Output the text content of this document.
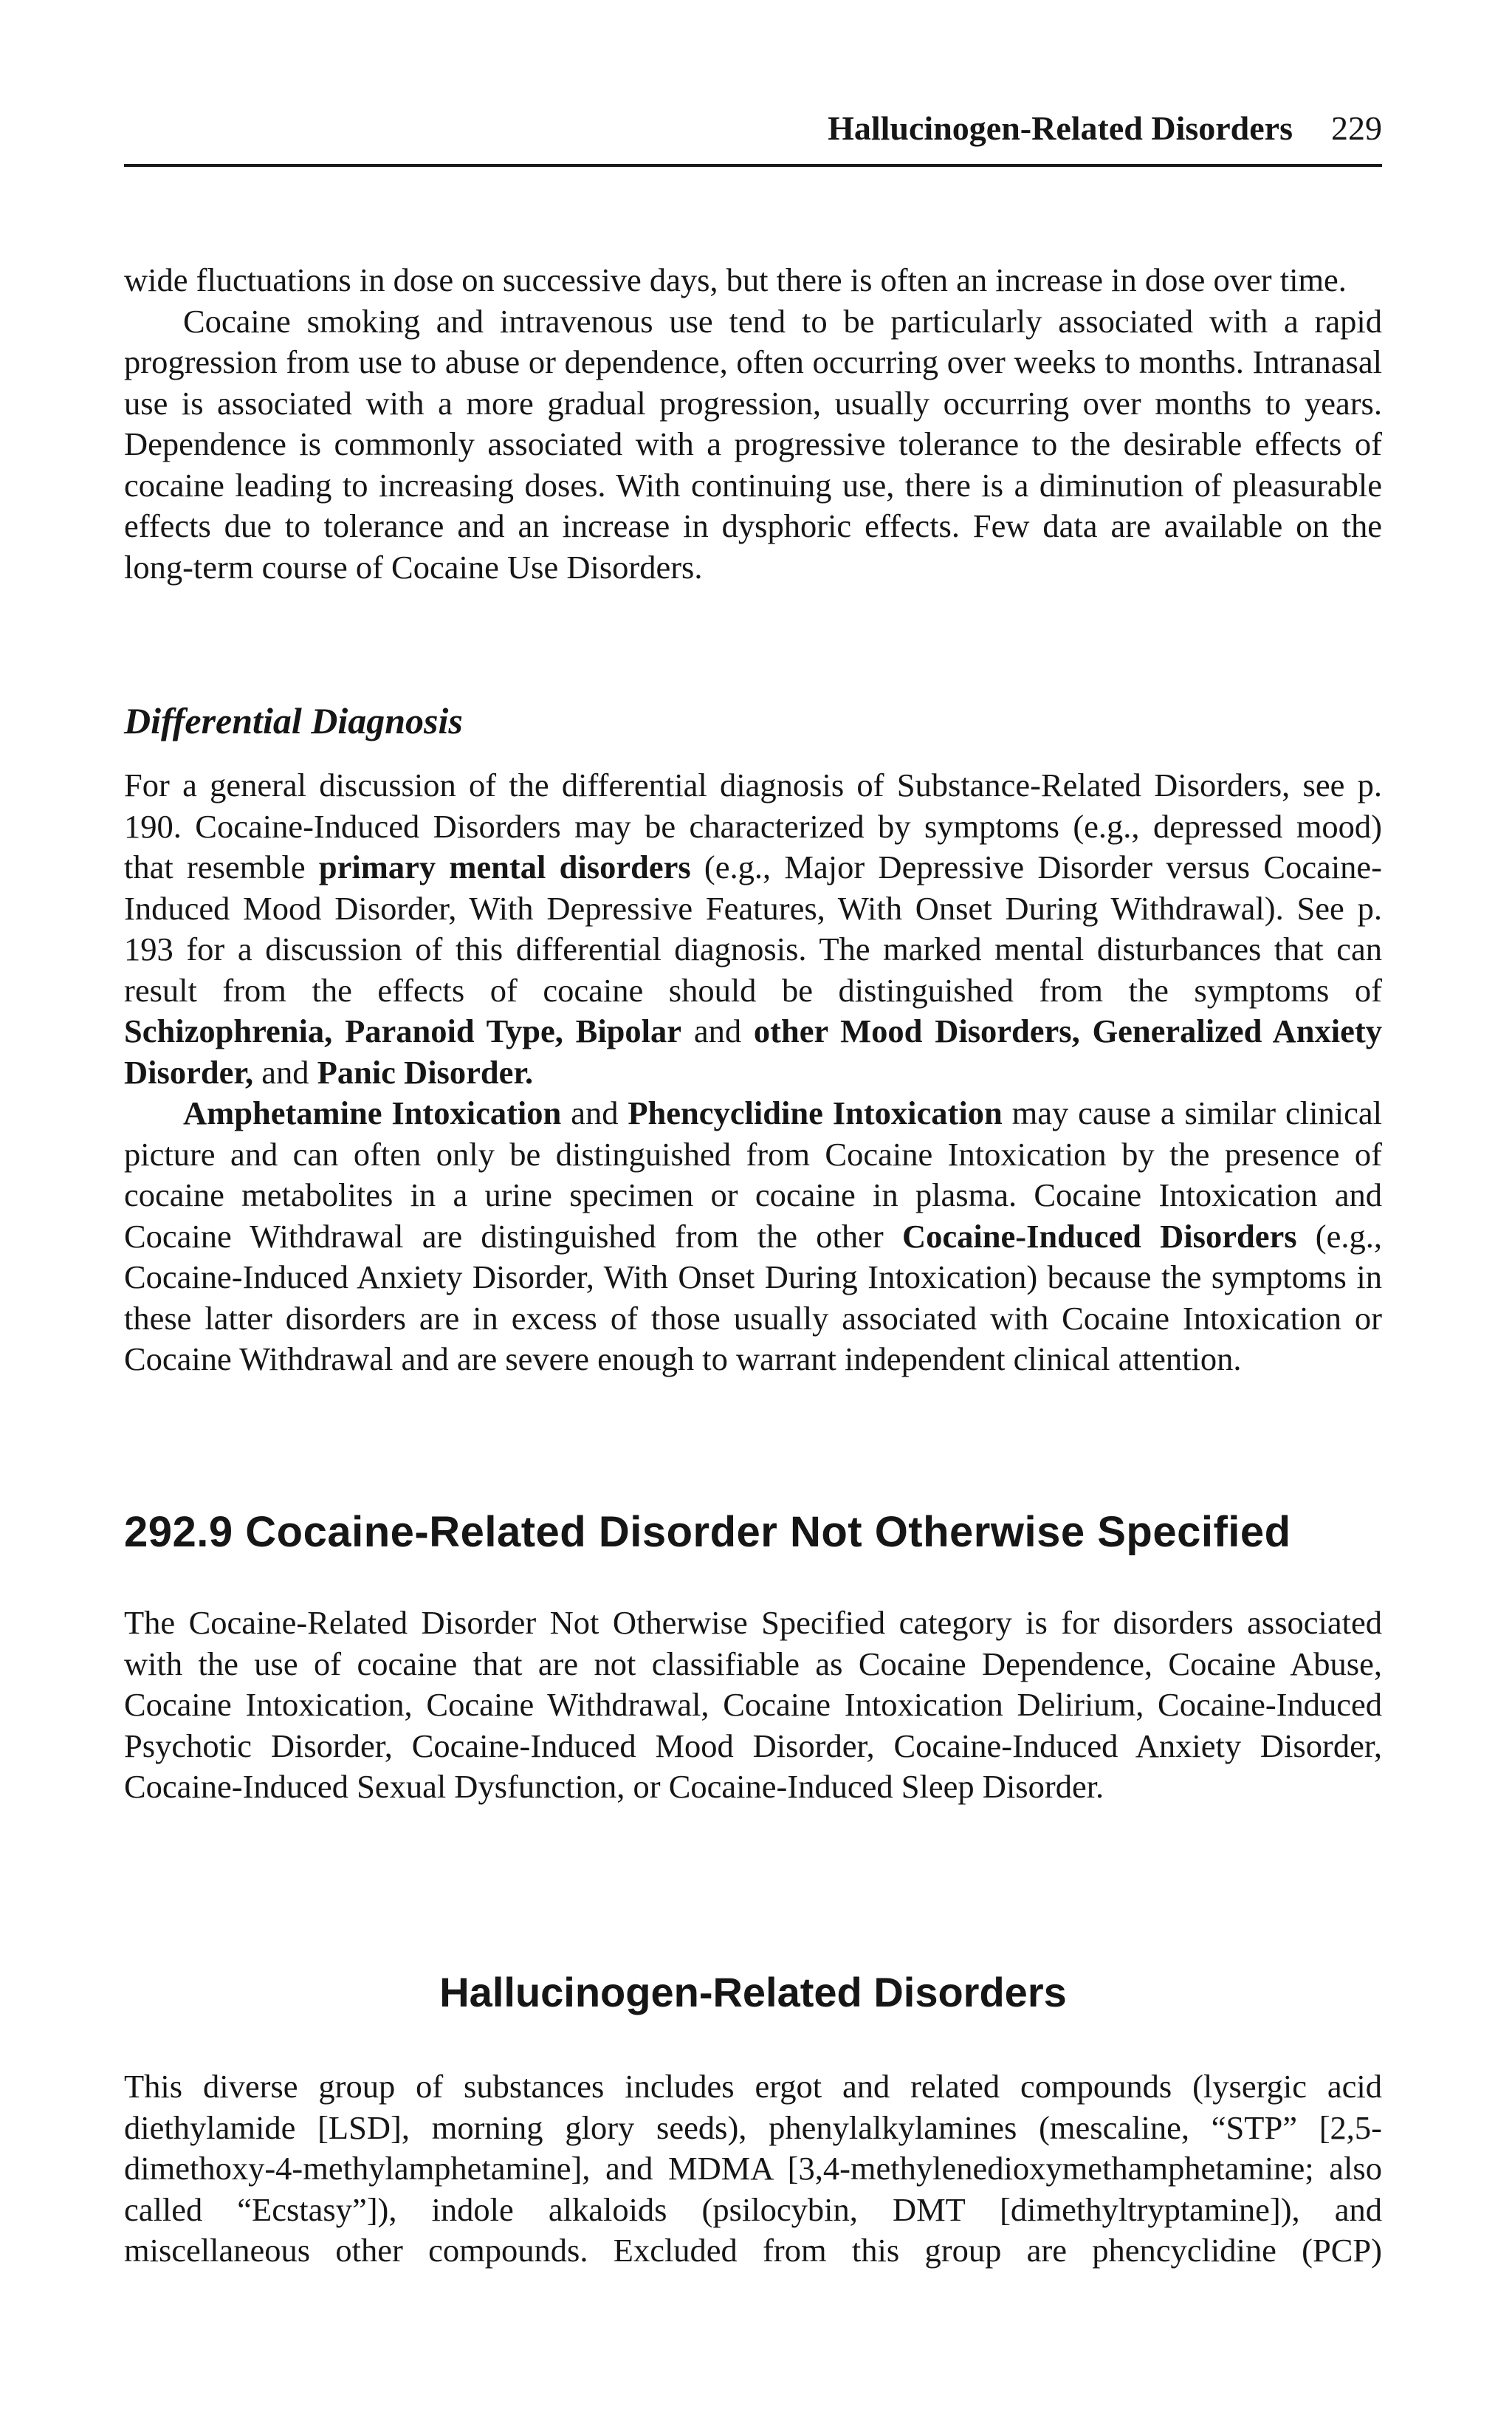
Hallucinogen-Related Disorders 229

wide fluctuations in dose on successive days, but there is often an increase in dose over time.

Cocaine smoking and intravenous use tend to be particularly associated with a rapid progression from use to abuse or dependence, often occurring over weeks to months. Intranasal use is associated with a more gradual progression, usually occurring over months to years. Dependence is commonly associated with a progressive tolerance to the desirable effects of cocaine leading to increasing doses. With continuing use, there is a diminution of pleasurable effects due to tolerance and an increase in dysphoric effects. Few data are available on the long-term course of Cocaine Use Disorders.

Differential Diagnosis

For a general discussion of the differential diagnosis of Substance-Related Disorders, see p. 190. Cocaine-Induced Disorders may be characterized by symptoms (e.g., depressed mood) that resemble primary mental disorders (e.g., Major Depressive Disorder versus Cocaine-Induced Mood Disorder, With Depressive Features, With Onset During Withdrawal). See p. 193 for a discussion of this differential diagnosis. The marked mental disturbances that can result from the effects of cocaine should be distinguished from the symptoms of Schizophrenia, Paranoid Type, Bipolar and other Mood Disorders, Generalized Anxiety Disorder, and Panic Disorder.

Amphetamine Intoxication and Phencyclidine Intoxication may cause a similar clinical picture and can often only be distinguished from Cocaine Intoxication by the presence of cocaine metabolites in a urine specimen or cocaine in plasma. Cocaine Intoxication and Cocaine Withdrawal are distinguished from the other Cocaine-Induced Disorders (e.g., Cocaine-Induced Anxiety Disorder, With Onset During Intoxication) because the symptoms in these latter disorders are in excess of those usually associated with Cocaine Intoxication or Cocaine Withdrawal and are severe enough to warrant independent clinical attention.

292.9 Cocaine-Related Disorder Not Otherwise Specified

The Cocaine-Related Disorder Not Otherwise Specified category is for disorders associated with the use of cocaine that are not classifiable as Cocaine Dependence, Cocaine Abuse, Cocaine Intoxication, Cocaine Withdrawal, Cocaine Intoxication Delirium, Cocaine-Induced Psychotic Disorder, Cocaine-Induced Mood Disorder, Cocaine-Induced Anxiety Disorder, Cocaine-Induced Sexual Dysfunction, or Cocaine-Induced Sleep Disorder.

Hallucinogen-Related Disorders

This diverse group of substances includes ergot and related compounds (lysergic acid diethylamide [LSD], morning glory seeds), phenylalkylamines (mescaline, “STP” [2,5-dimethoxy-4-methylamphetamine], and MDMA [3,4-methylenedioxymethamphetamine; also called “Ecstasy”]), indole alkaloids (psilocybin, DMT [dimethyltryptamine]), and miscellaneous other compounds. Excluded from this group are phencyclidine (PCP)
